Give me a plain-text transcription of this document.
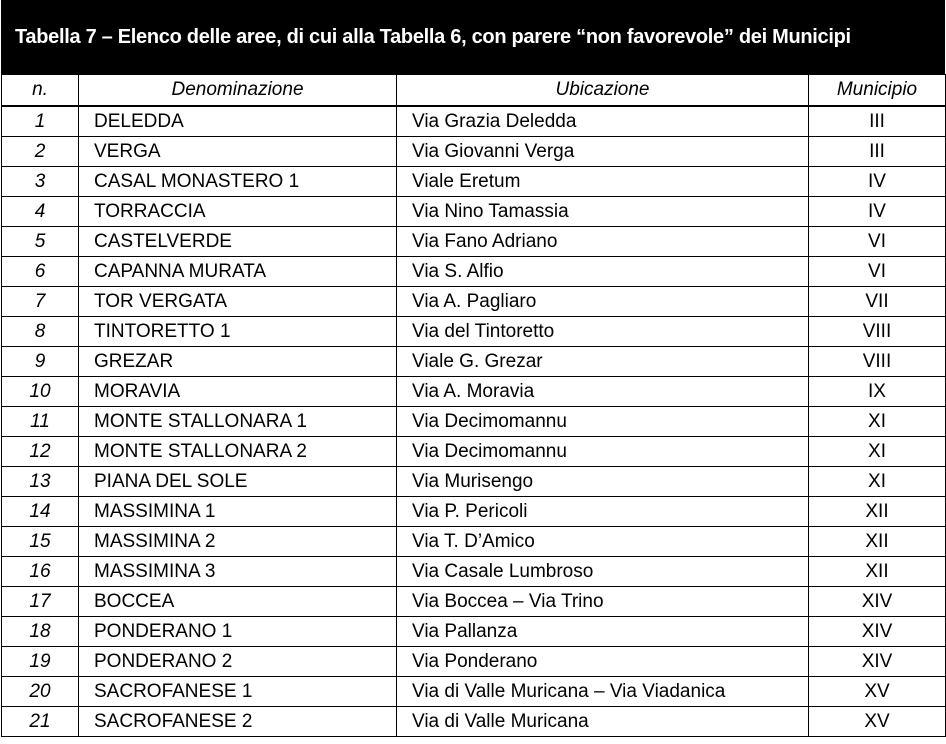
Tabella 7 – Elenco delle aree, di cui alla Tabella 6, con parere “non favorevole” dei Municipi
n.	Denominazione	Ubicazione	Municipio
1	DELEDDA	Via Grazia Deledda	III
2	VERGA	Via Giovanni Verga	III
3	CASAL MONASTERO 1	Viale Eretum	IV
4	TORRACCIA	Via Nino Tamassia	IV
5	CASTELVERDE	Via Fano Adriano	VI
6	CAPANNA MURATA	Via S. Alfio	VI
7	TOR VERGATA	Via A. Pagliaro	VII
8	TINTORETTO 1	Via del Tintoretto	VIII
9	GREZAR	Viale G. Grezar	VIII
10	MORAVIA	Via A. Moravia	IX
11	MONTE STALLONARA 1	Via Decimomannu	XI
12	MONTE STALLONARA 2	Via Decimomannu	XI
13	PIANA DEL SOLE	Via Murisengo	XI
14	MASSIMINA 1	Via P. Pericoli	XII
15	MASSIMINA 2	Via T. D’Amico	XII
16	MASSIMINA 3	Via Casale Lumbroso	XII
17	BOCCEA	Via Boccea – Via Trino	XIV
18	PONDERANO 1	Via Pallanza	XIV
19	PONDERANO 2	Via Ponderano	XIV
20	SACROFANESE 1	Via di Valle Muricana – Via Viadanica	XV
21	SACROFANESE 2	Via di Valle Muricana	XV
